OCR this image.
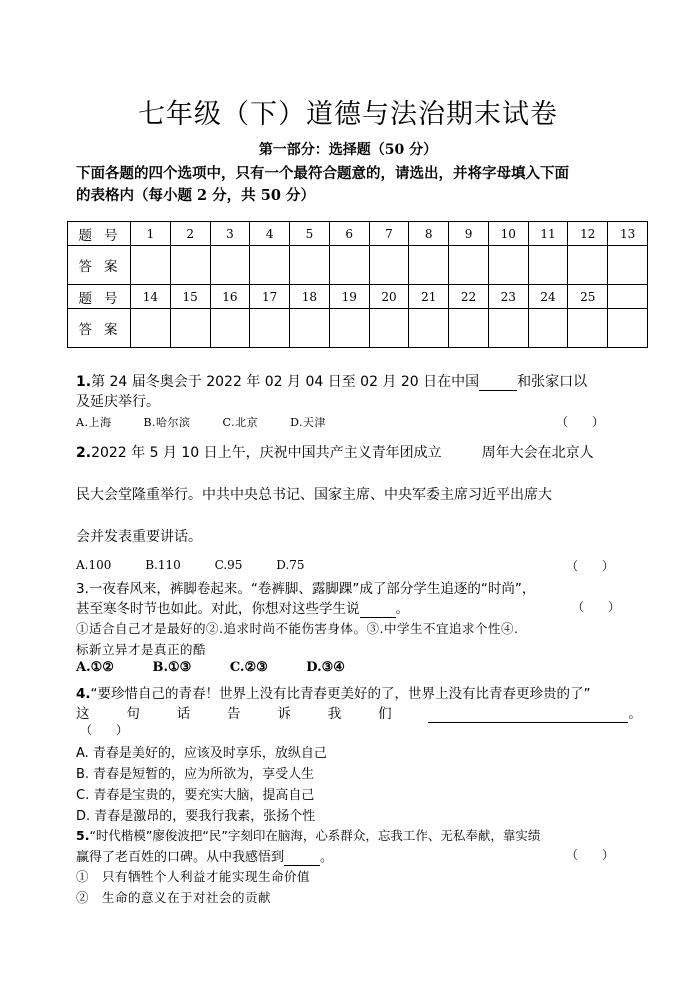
七年级（下）道德与法治期末试卷
第一部分：选择题（50 分）
下面各题的四个选项中，只有一个最符合题意的，请选出，并将字母填入下面
的表格内（每小题 2 分，共 50 分）
题号	1	2	3	4	5	6	7	8	9	10	11	12	13
答案													
题号	14	15	16	17	18	19	20	21	22	23	24	25	
答案													
1.第 24 届冬奥会于 2022 年 02 月 04 日至 02 月 20 日在中国	和张家口以
及延庆举行。
A.上海	B.哈尔滨	C.北京	D.天津	（　　）
2.2022 年 5 月 10 日上午，庆祝中国共产主义青年团成立	周年大会在北京人
民大会堂隆重举行。中共中央总书记、国家主席、中央军委主席习近平出席大
会并发表重要讲话。
A.100	B.110	C.95	D.75	（　　）
3.一夜春风来，裤脚卷起来。“卷裤脚、露脚踝”成了部分学生追逐的“时尚”，
甚至寒冬时节也如此。对此，你想对这些学生说	。	（　　）
①适合自己才是最好的②.追求时尚不能伤害身体。③.中学生不宜追求个性④.
标新立异才是真正的酷
A.①②	B.①③	C.②③	D.③④
4.“要珍惜自己的青春！世界上没有比青春更美好的了，世界上没有比青春更珍贵的了”
这	句	话	告	诉	我	们	。
（　　）
A. 青春是美好的，应该及时享乐，放纵自己
B. 青春是短暂的，应为所欲为，享受人生
C. 青春是宝贵的，要充实大脑，提高自己
D. 青春是激昂的，要我行我素，张扬个性
5.“时代楷模”廖俊波把“民”字刻印在脑海，心系群众，忘我工作、无私奉献，靠实绩
赢得了老百姓的口碑。从中我感悟到	。	（　　）
①　只有牺牲个人利益才能实现生命价值
②　生命的意义在于对社会的贡献
